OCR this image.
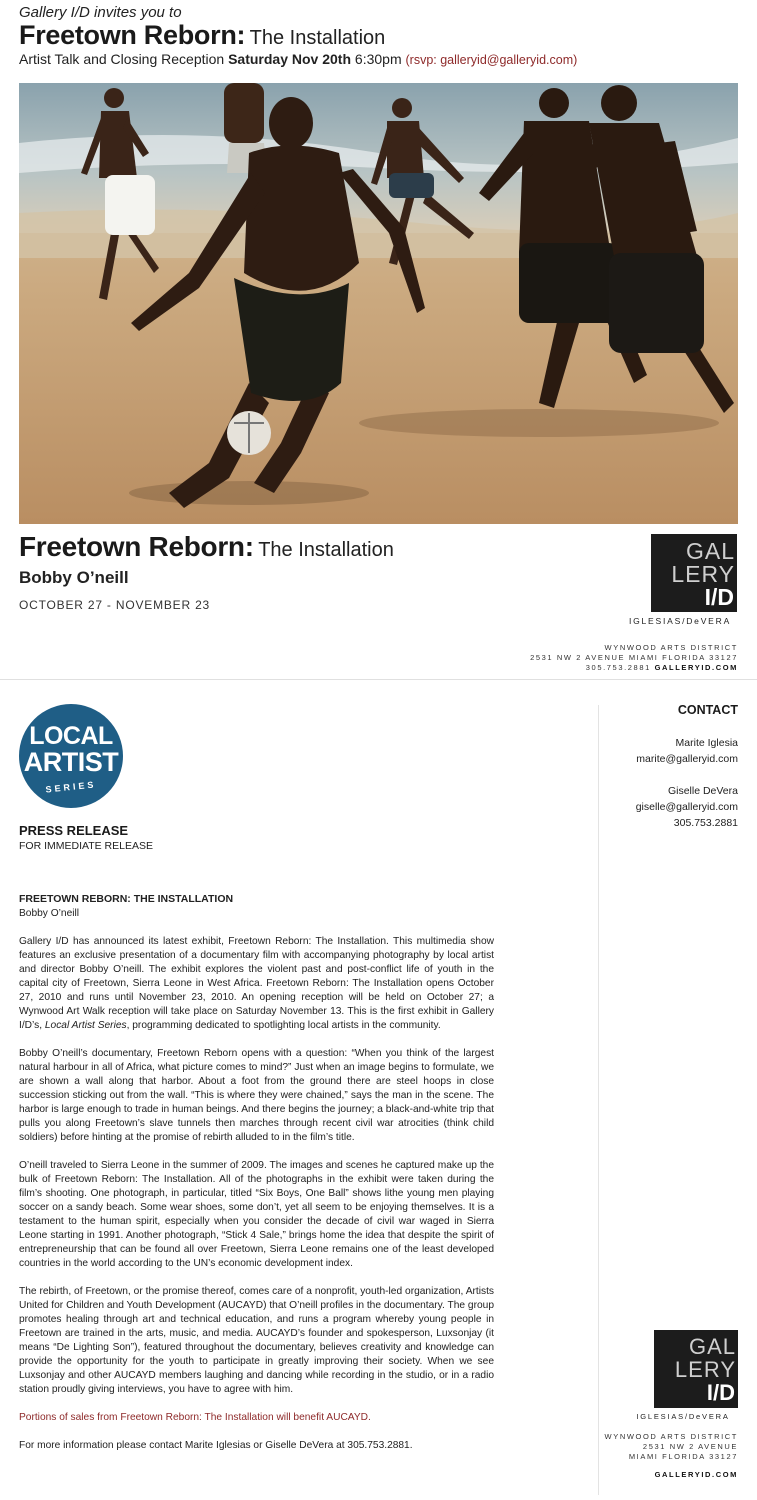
Gallery I/D invites you to
Freetown Reborn: The Installation
Artist Talk and Closing Reception Saturday Nov 20th 6:30pm (rsvp: galleryid@galleryid.com)
Freetown Reborn: The Installation
Bobby O’neill
OCTOBER 27 - NOVEMBER 23
GAL
LERY
I/D
IGLESIAS/DeVERA
WYNWOOD ARTS DISTRICT
2531 NW 2 AVENUE MIAMI FLORIDA 33127
305.753.2881 GALLERYID.COM
LOCAL
ARTIST
SERIES
PRESS RELEASE
FOR IMMEDIATE RELEASE

FREETOWN REBORN: THE INSTALLATION
Bobby O’neill

Gallery I/D has announced its latest exhibit, Freetown Reborn: The Installation. This multimedia show features an exclusive presentation of a documentary film with accompanying photography by local artist and director Bobby O’neill. The exhibit explores the violent past and post-conflict life of youth in the capital city of Freetown, Sierra Leone in West Africa. Freetown Reborn: The Installation opens October 27, 2010 and runs until November 23, 2010. An opening reception will be held on October 27; a Wynwood Art Walk reception will take place on Saturday November 13. This is the first exhibit in Gallery I/D’s, Local Artist Series, programming dedicated to spotlighting local artists in the community.

Bobby O’neill’s documentary, Freetown Reborn opens with a question: “When you think of the largest natural harbour in all of Africa, what picture comes to mind?” Just when an image begins to formulate, we are shown a wall along that harbor. About a foot from the ground there are steel hoops in close succession sticking out from the wall. “This is where they were chained,” says the man in the scene. The harbor is large enough to trade in human beings. And there begins the journey; a black-and-white trip that pulls you along Freetown’s slave tunnels then marches through recent civil war atrocities (think child soldiers) before hinting at the promise of rebirth alluded to in the film’s title.

O’neill traveled to Sierra Leone in the summer of 2009. The images and scenes he captured make up the bulk of Freetown Reborn: The Installation. All of the photographs in the exhibit were taken during the film’s shooting. One photograph, in particular, titled “Six Boys, One Ball” shows lithe young men playing soccer on a sandy beach. Some wear shoes, some don’t, yet all seem to be enjoying themselves. It is a testament to the human spirit, especially when you consider the decade of civil war waged in Sierra Leone starting in 1991. Another photograph, “Stick 4 Sale,” brings home the idea that despite the spirit of entrepreneurship that can be found all over Freetown, Sierra Leone remains one of the least developed countries in the world according to the UN’s economic development index.

The rebirth, of Freetown, or the promise thereof, comes care of a nonprofit, youth-led organization, Artists United for Children and Youth Development (AUCAYD) that O’neill profiles in the documentary. The group promotes healing through art and technical education, and runs a program whereby young people in Freetown are trained in the arts, music, and media. AUCAYD’s founder and spokesperson, Luxsonjay (it means “De Lighting Son”), featured throughout the documentary, believes creativity and knowledge can provide the opportunity for the youth to participate in greatly improving their society. When we see Luxsonjay and other AUCAYD members laughing and dancing while recording in the studio, or in a radio station proudly giving interviews, you have to agree with him.

Portions of sales from Freetown Reborn: The Installation will benefit AUCAYD.

For more information please contact Marite Iglesias or Giselle DeVera at 305.753.2881.

CONTACT
Marite Iglesia
marite@galleryid.com
Giselle DeVera
giselle@galleryid.com
305.753.2881
GAL
LERY
I/D
IGLESIAS/DeVERA
WYNWOOD ARTS DISTRICT
2531 NW 2 AVENUE
MIAMI FLORIDA 33127
GALLERYID.COM
